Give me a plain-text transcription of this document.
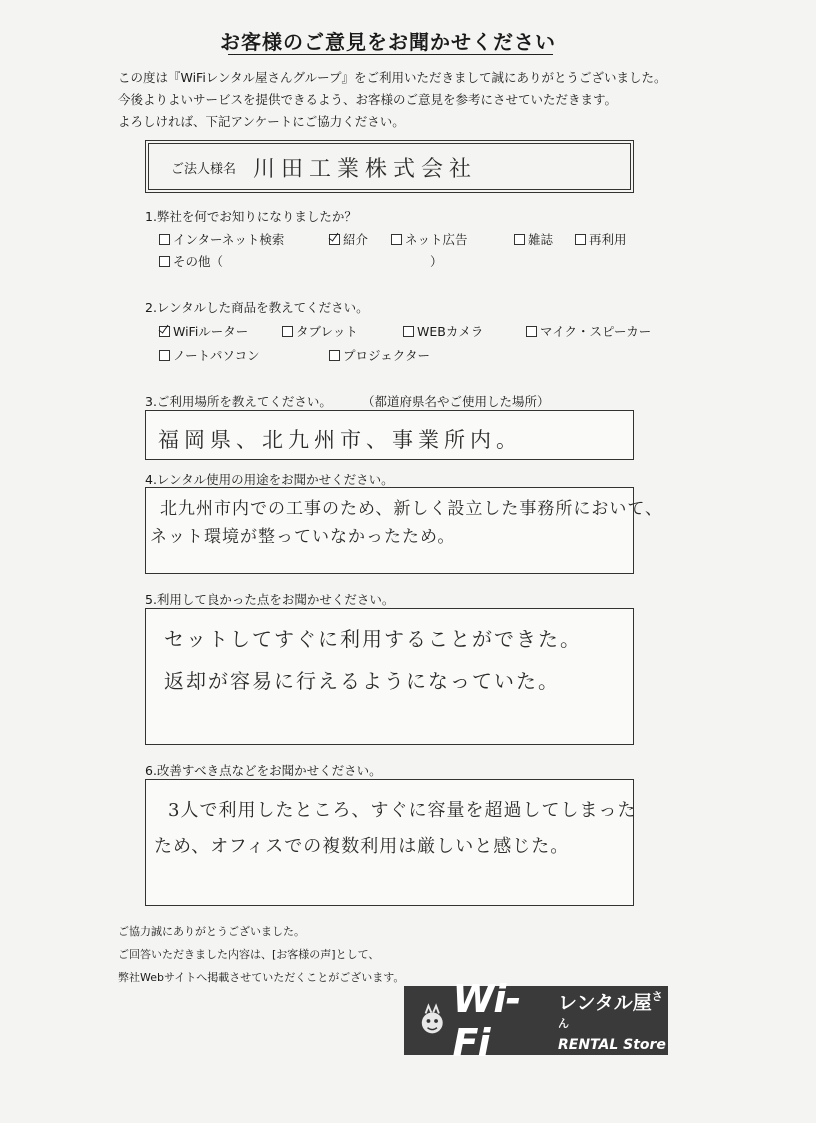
お客様のご意見をお聞かせください
この度は『WiFiレンタル屋さんグループ』をご利用いただきまして誠にありがとうございました。
今後よりよいサービスを提供できるよう、お客様のご意見を参考にさせていただきます。
よろしければ、下記アンケートにご協力ください。
ご法人様名 川田工業株式会社
1.弊社を何でお知りになりましたか？
インターネット検索	紹介	ネット広告	雑誌	再利用
その他（	）
2.レンタルした商品を教えてください。
WiFiルーター	タブレット	WEBカメラ	マイク・スピーカー
ノートパソコン	プロジェクター
3.ご利用場所を教えてください。 （都道府県名やご使用した場所）
福岡県、北九州市、事業所内。
4.レンタル使用の用途をお聞かせください。
北九州市内での工事のため、新しく設立した事務所において、
ネット環境が整っていなかったため。
5.利用して良かった点をお聞かせください。
セットしてすぐに利用することができた。
返却が容易に行えるようになっていた。
6.改善すべき点などをお聞かせください。
3人で利用したところ、すぐに容量を超過してしまった
ため、オフィスでの複数利用は厳しいと感じた。
ご協力誠にありがとうございました。
ご回答いただきました内容は、[お客様の声]として、
弊社Webサイトへ掲載させていただくことがございます。 Wi-Fi
レンタル屋$^{さん}$
RENTAL Store
